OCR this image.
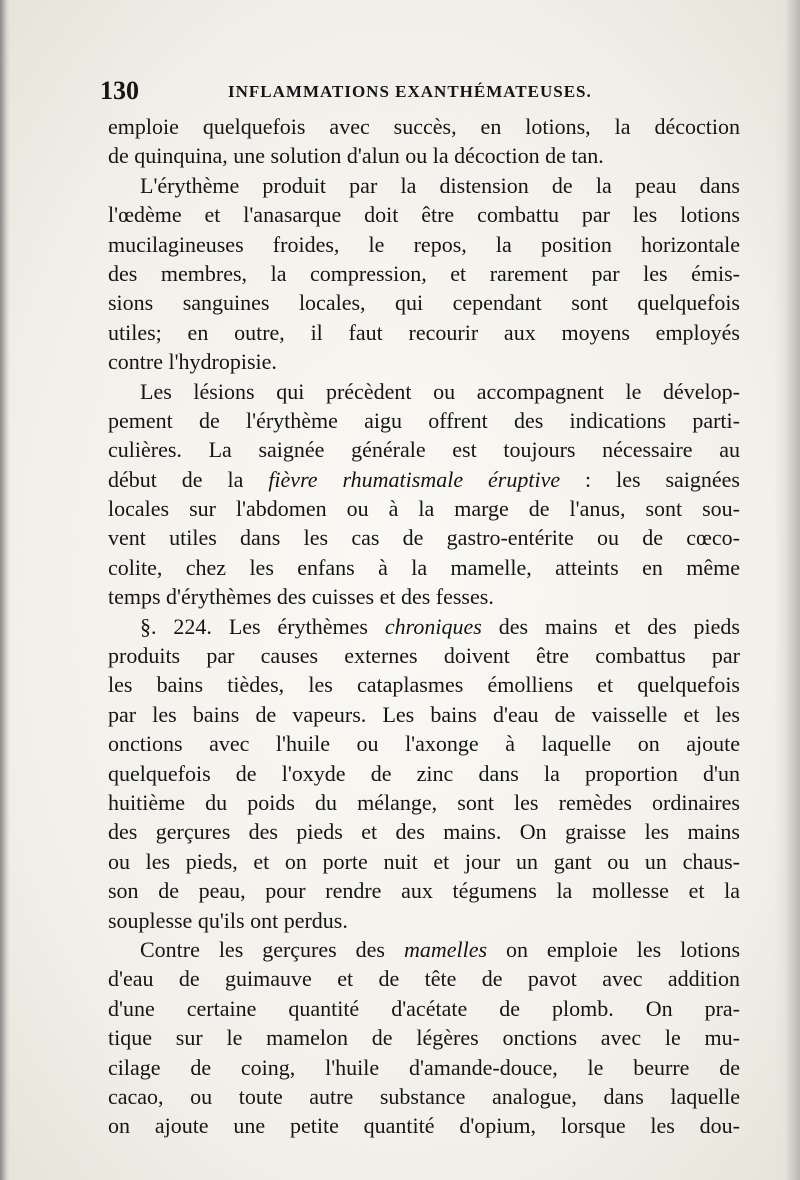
130	INFLAMMATIONS EXANTHÉMATEUSES.
emploie quelquefois avec succès, en lotions, la décoction
de quinquina, une solution d'alun ou la décoction de tan.
L'érythème produit par la distension de la peau dans
l'œdème et l'anasarque doit être combattu par les lotions
mucilagineuses froides, le repos, la position horizontale
des membres, la compression, et rarement par les émis-
sions sanguines locales, qui cependant sont quelquefois
utiles; en outre, il faut recourir aux moyens employés
contre l'hydropisie.
Les lésions qui précèdent ou accompagnent le dévelop-
pement de l'érythème aigu offrent des indications parti-
culières. La saignée générale est toujours nécessaire au
début de la fièvre rhumatismale éruptive : les saignées
locales sur l'abdomen ou à la marge de l'anus, sont sou-
vent utiles dans les cas de gastro-entérite ou de cœco-
colite, chez les enfans à la mamelle, atteints en même
temps d'érythèmes des cuisses et des fesses.
§. 224. Les érythèmes chroniques des mains et des pieds
produits par causes externes doivent être combattus par
les bains tièdes, les cataplasmes émolliens et quelquefois
par les bains de vapeurs. Les bains d'eau de vaisselle et les
onctions avec l'huile ou l'axonge à laquelle on ajoute
quelquefois de l'oxyde de zinc dans la proportion d'un
huitième du poids du mélange, sont les remèdes ordinaires
des gerçures des pieds et des mains. On graisse les mains
ou les pieds, et on porte nuit et jour un gant ou un chaus-
son de peau, pour rendre aux tégumens la mollesse et la
souplesse qu'ils ont perdus.
Contre les gerçures des mamelles on emploie les lotions
d'eau de guimauve et de tête de pavot avec addition
d'une certaine quantité d'acétate de plomb. On pra-
tique sur le mamelon de légères onctions avec le mu-
cilage de coing, l'huile d'amande-douce, le beurre de
cacao, ou toute autre substance analogue, dans laquelle
on ajoute une petite quantité d'opium, lorsque les dou-
